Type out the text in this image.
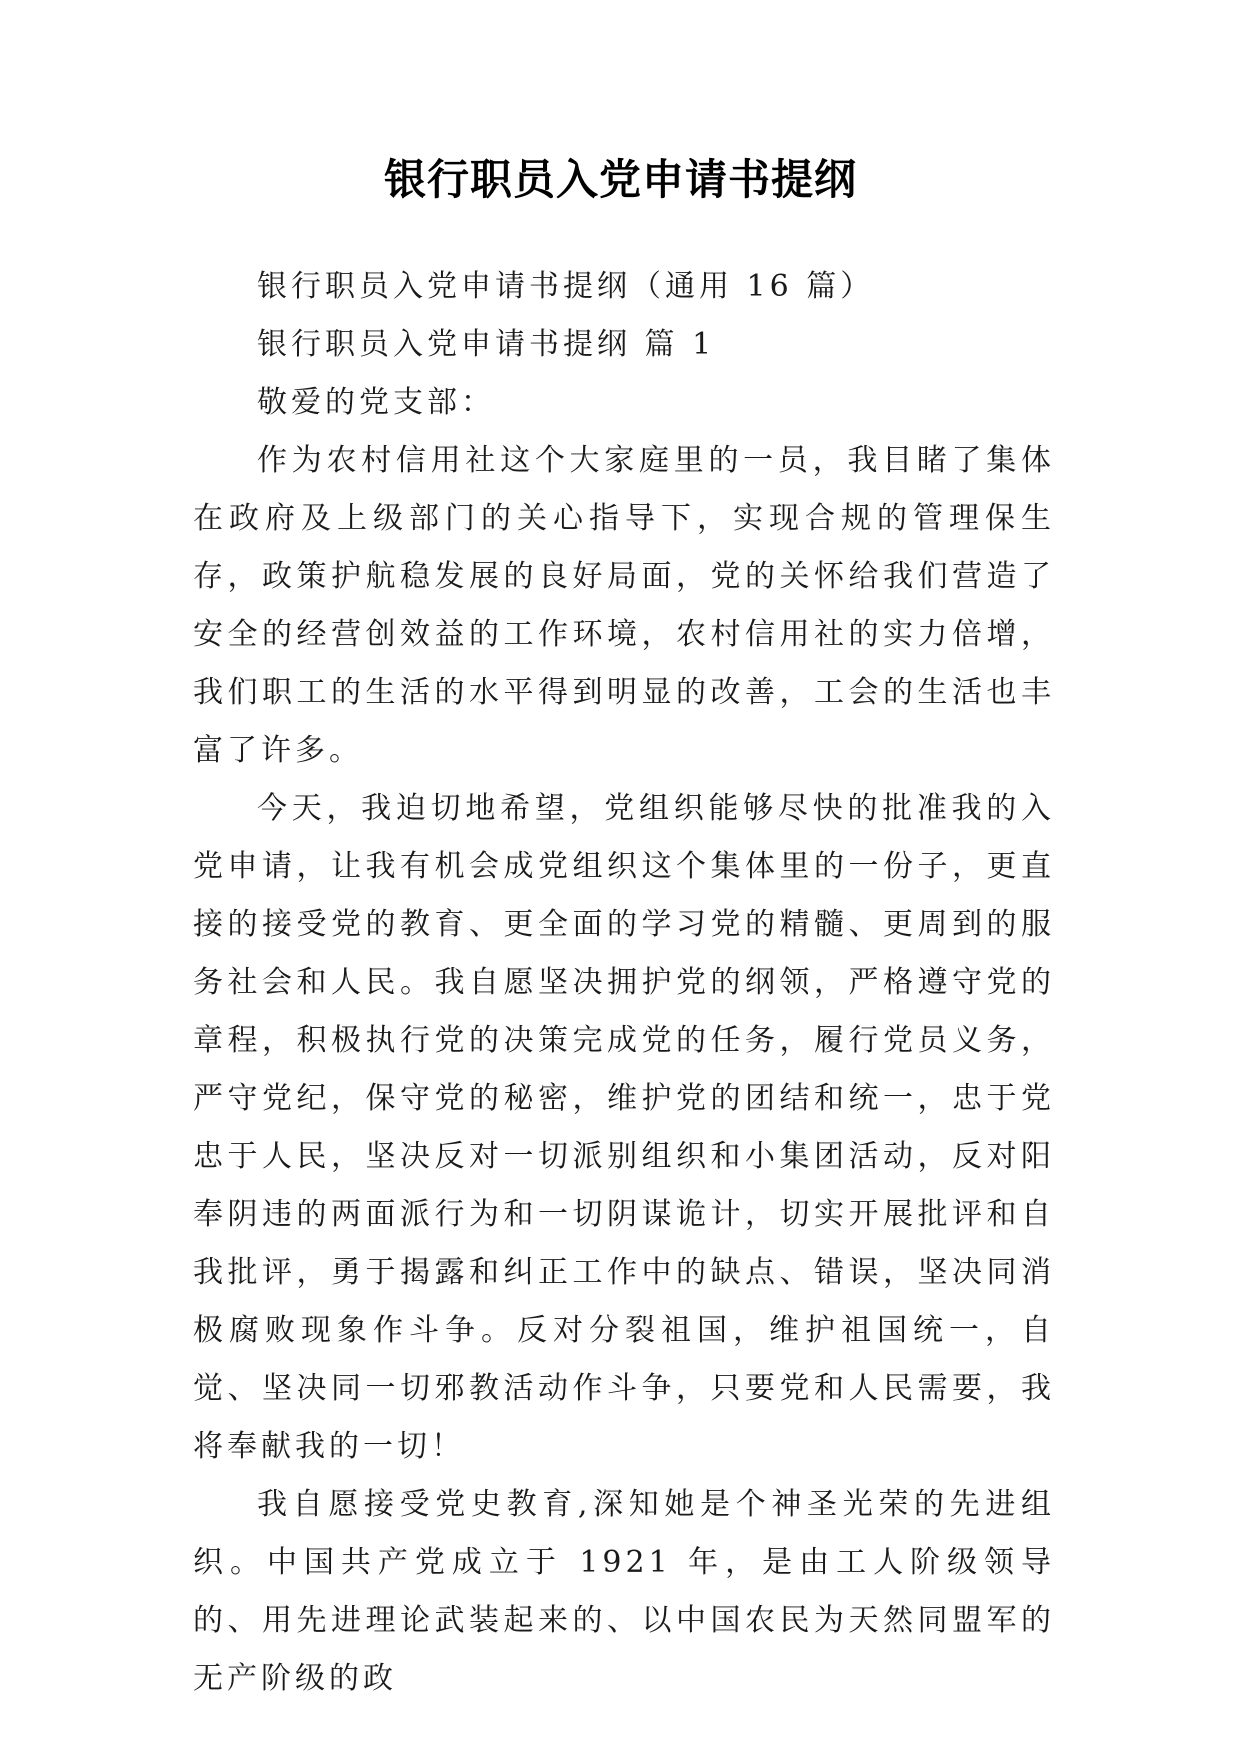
银行职员入党申请书提纲

银行职员入党申请书提纲（通用 16 篇）

银行职员入党申请书提纲 篇 1

敬爱的党支部：

作为农村信用社这个大家庭里的一员，我目睹了集体在政府及上级部门的关心指导下，实现合规的管理保生存，政策护航稳发展的良好局面，党的关怀给我们营造了安全的经营创效益的工作环境，农村信用社的实力倍增，我们职工的生活的水平得到明显的改善，工会的生活也丰富了许多。

今天，我迫切地希望，党组织能够尽快的批准我的入党申请，让我有机会成党组织这个集体里的一份子，更直接的接受党的教育、更全面的学习党的精髓、更周到的服务社会和人民。我自愿坚决拥护党的纲领，严格遵守党的章程，积极执行党的决策完成党的任务，履行党员义务，严守党纪，保守党的秘密，维护党的团结和统一，忠于党忠于人民，坚决反对一切派别组织和小集团活动，反对阳奉阴违的两面派行为和一切阴谋诡计，切实开展批评和自我批评，勇于揭露和纠正工作中的缺点、错误，坚决同消极腐败现象作斗争。反对分裂祖国，维护祖国统一，自觉、坚决同一切邪教活动作斗争，只要党和人民需要，我将奉献我的一切！

我自愿接受党史教育,深知她是个神圣光荣的先进组织。中国共产党成立于 1921 年，是由工人阶级领导的、用先进理论武装起来的、以中国农民为天然同盟军的无产阶级的政
